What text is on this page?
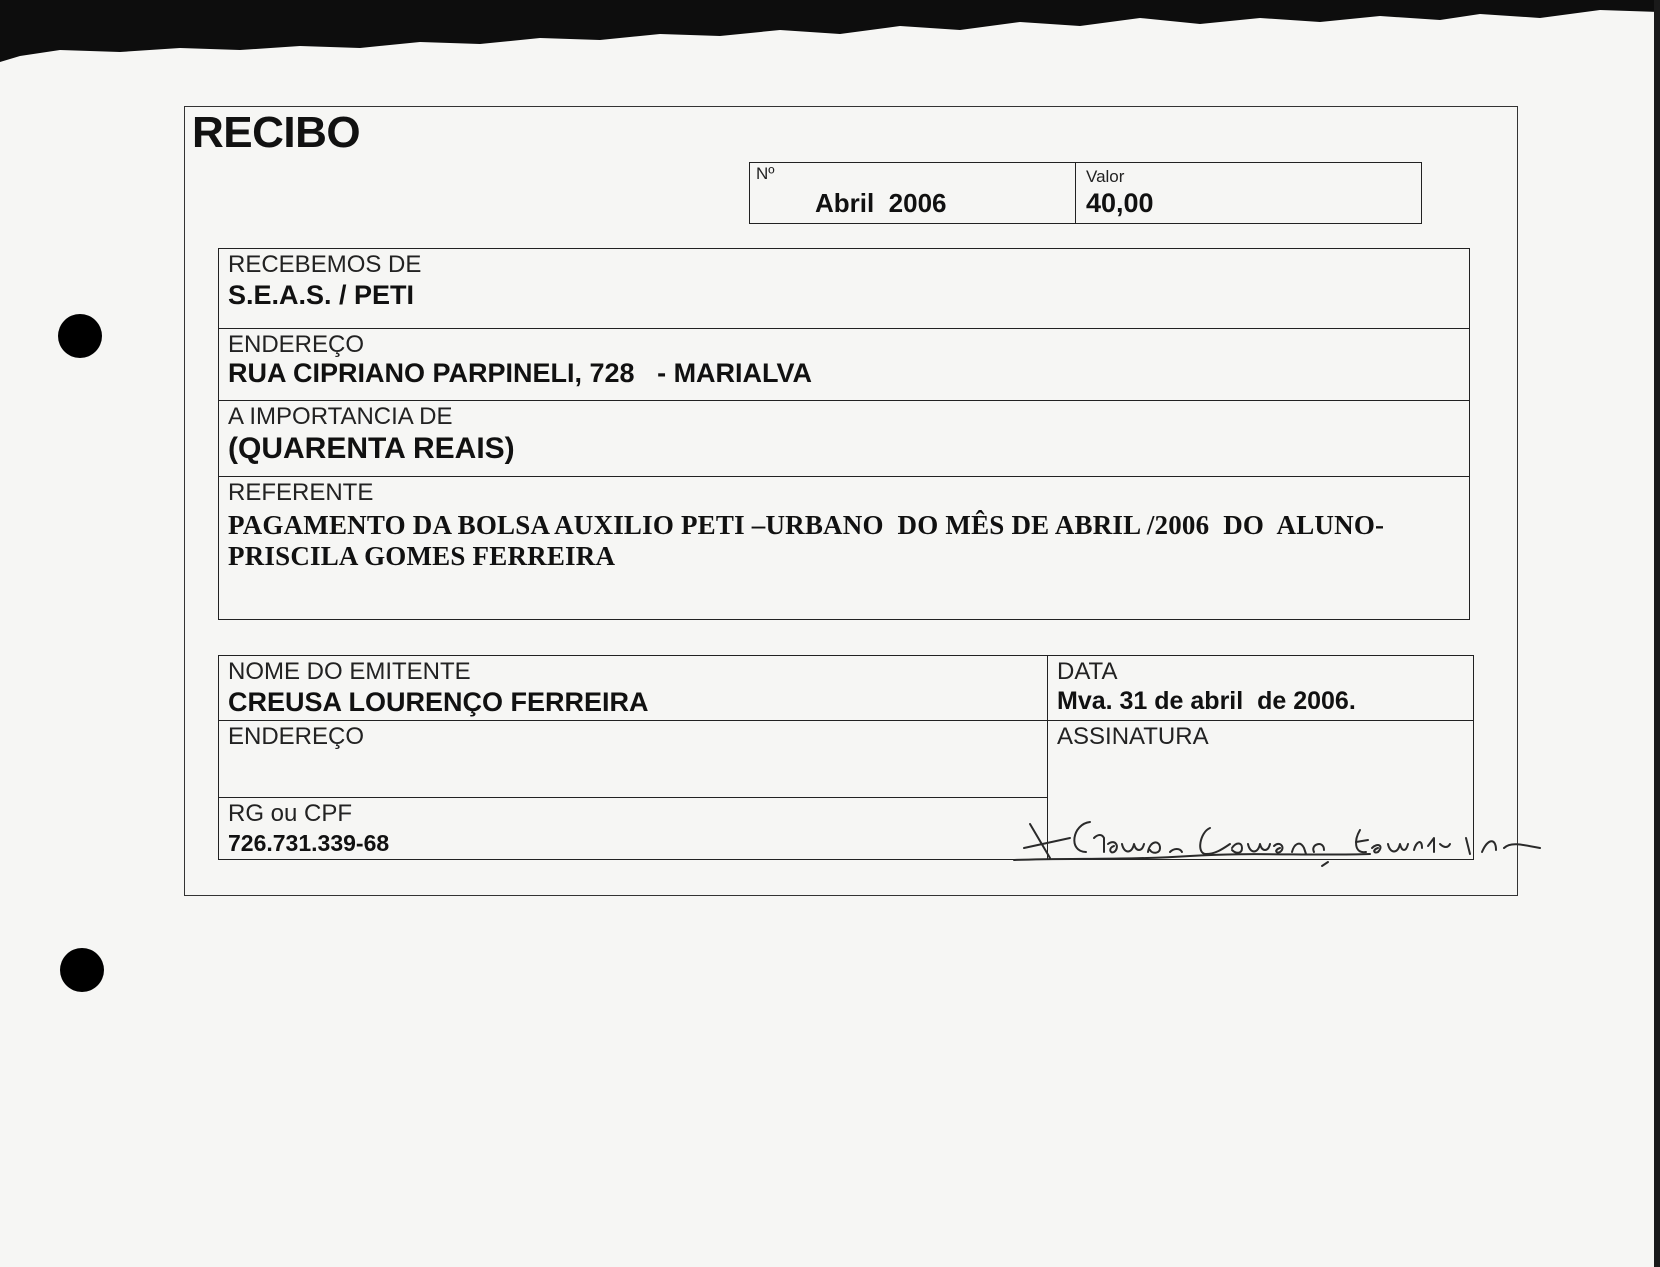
RECIBO
Nº
Abril  2006
Valor
40,00
RECEBEMOS DE
S.E.A.S. / PETI
ENDEREÇO
RUA CIPRIANO PARPINELI, 728   - MARIALVA
A IMPORTANCIA DE
(QUARENTA REAIS)
REFERENTE
PAGAMENTO DA BOLSA AUXILIO PETI –URBANO  DO MÊS DE ABRIL /2006  DO  ALUNO-
PRISCILA GOMES FERREIRA
NOME DO EMITENTE
CREUSA LOURENÇO FERREIRA
DATA
Mva. 31 de abril  de 2006.
ENDEREÇO	ASSINATURA
RG ou CPF
726.731.339-68
